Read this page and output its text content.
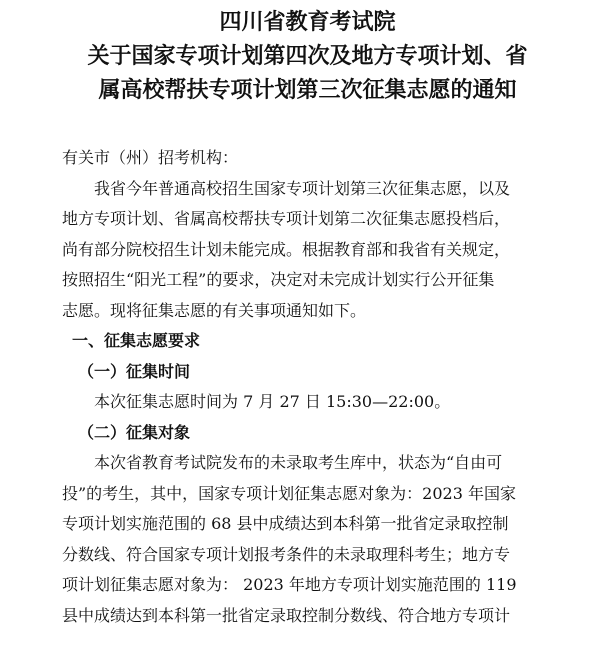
四川省教育考试院
关于国家专项计划第四次及地方专项计划、省
属高校帮扶专项计划第三次征集志愿的通知
有关市（州）招考机构：
我省今年普通高校招生国家专项计划第三次征集志愿，以及
地方专项计划、省属高校帮扶专项计划第二次征集志愿投档后，
尚有部分院校招生计划未能完成。根据教育部和我省有关规定，
按照招生“阳光工程”的要求，决定对未完成计划实行公开征集
志愿。现将征集志愿的有关事项通知如下。
一、征集志愿要求
（一）征集时间
本次征集志愿时间为 7 月 27 日 15:30—22:00。
（二）征集对象
本次省教育考试院发布的未录取考生库中，状态为“自由可
投”的考生，其中，国家专项计划征集志愿对象为：2023 年国家
专项计划实施范围的 68 县中成绩达到本科第一批省定录取控制
分数线、符合国家专项计划报考条件的未录取理科考生；地方专
项计划征集志愿对象为： 2023 年地方专项计划实施范围的 119
县中成绩达到本科第一批省定录取控制分数线、符合地方专项计
